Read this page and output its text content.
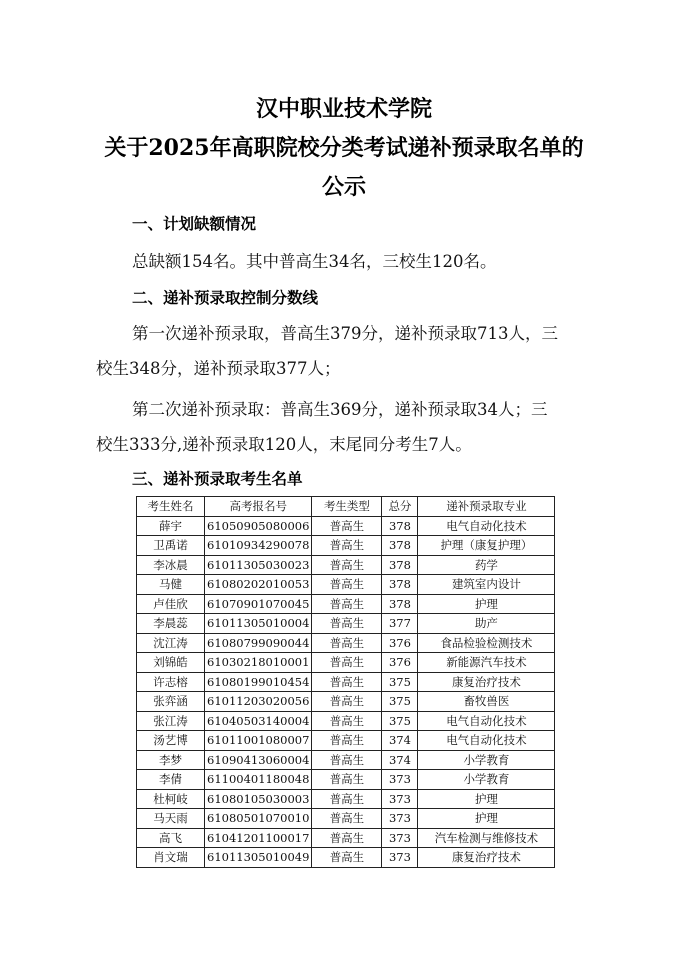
汉中职业技术学院
关于2025年高职院校分类考试递补预录取名单的
公示
一、计划缺额情况
总缺额154名。其中普高生34名，三校生120名。
二、递补预录取控制分数线
第一次递补预录取，普高生379分，递补预录取713人，三
校生348分，递补预录取377人；
第二次递补预录取：普高生369分，递补预录取34人；三
校生333分,递补预录取120人，末尾同分考生7人。
三、递补预录取考生名单
考生姓名	高考报名号	考生类型	总分	递补预录取专业
薛宇	61050905080006	普高生	378	电气自动化技术
卫禹诺	61010934290078	普高生	378	护理（康复护理）
李冰晨	61011305030023	普高生	378	药学
马健	61080202010053	普高生	378	建筑室内设计
卢佳欣	61070901070045	普高生	378	护理
李晨蕊	61011305010004	普高生	377	助产
沈江涛	61080799090044	普高生	376	食品检验检测技术
刘锦皓	61030218010001	普高生	376	新能源汽车技术
许志榕	61080199010454	普高生	375	康复治疗技术
张弈涵	61011203020056	普高生	375	畜牧兽医
张江涛	61040503140004	普高生	375	电气自动化技术
汤艺博	61011001080007	普高生	374	电气自动化技术
李梦	61090413060004	普高生	374	小学教育
李倩	61100401180048	普高生	373	小学教育
杜柯岐	61080105030003	普高生	373	护理
马天雨	61080501070010	普高生	373	护理
高飞	61041201100017	普高生	373	汽车检测与维修技术
肖文瑞	61011305010049	普高生	373	康复治疗技术
